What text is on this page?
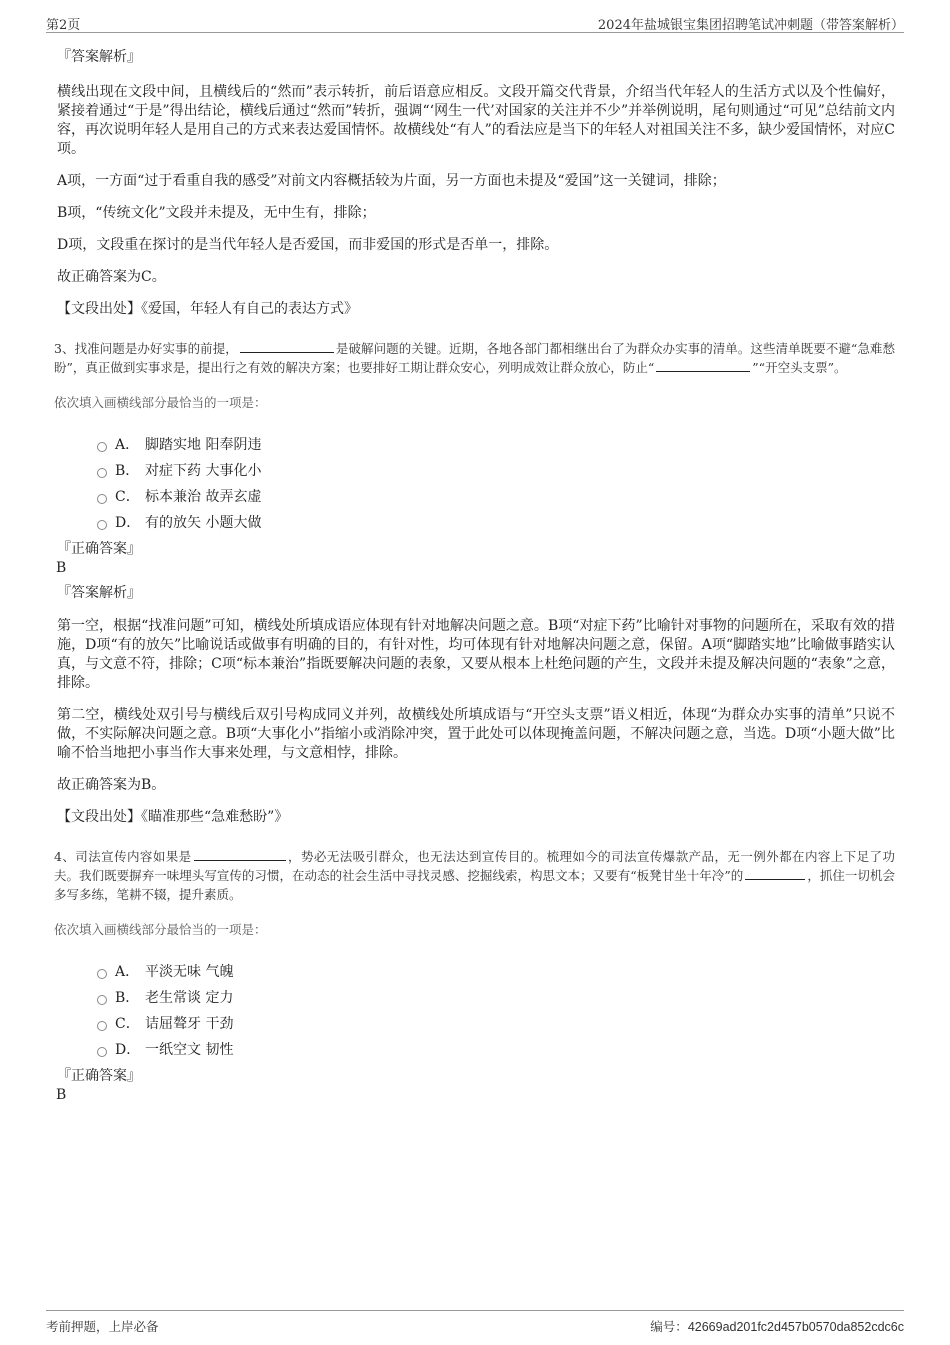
第2页	2024年盐城银宝集团招聘笔试冲刺题（带答案解析）
『答案解析』

横线出现在文段中间，且横线后的“然而”表示转折，前后语意应相反。文段开篇交代背景，介绍当代年轻人的生活方式以及个性偏好，紧接着通过“于是”得出结论，横线后通过“然而”转折，强调“‘网生一代’对国家的关注并不少”并举例说明，尾句则通过“可见”总结前文内容，再次说明年轻人是用自己的方式来表达爱国情怀。故横线处“有人”的看法应是当下的年轻人对祖国关注不多，缺少爱国情怀，对应C项。

A项，一方面“过于看重自我的感受”对前文内容概括较为片面，另一方面也未提及“爱国”这一关键词，排除；

B项，“传统文化”文段并未提及，无中生有，排除；

D项，文段重在探讨的是当代年轻人是否爱国，而非爱国的形式是否单一，排除。

故正确答案为C。

【文段出处】《爱国，年轻人有自己的表达方式》

3、找准问题是办好实事的前提，	是破解问题的关键。近期，各地各部门都相继出台了为群众办实事的清单。这些清单既要不避“急难愁盼”，真正做到实事求是，提出行之有效的解决方案；也要排好工期让群众安心，列明成效让群众放心，防止“	”“开空头支票”。
依次填入画横线部分最恰当的一项是：
A． 脚踏实地 阳奉阴违
B． 对症下药 大事化小
C． 标本兼治 故弄玄虚
D． 有的放矢 小题大做
『正确答案』
B
『答案解析』

第一空，根据“找准问题”可知，横线处所填成语应体现有针对地解决问题之意。B项“对症下药”比喻针对事物的问题所在，采取有效的措施，D项“有的放矢”比喻说话或做事有明确的目的，有针对性，均可体现有针对地解决问题之意，保留。A项“脚踏实地”比喻做事踏实认真，与文意不符，排除；C项“标本兼治”指既要解决问题的表象，又要从根本上杜绝问题的产生，文段并未提及解决问题的“表象”之意，排除。

第二空，横线处双引号与横线后双引号构成同义并列，故横线处所填成语与“开空头支票”语义相近，体现“为群众办实事的清单”只说不做，不实际解决问题之意。B项“大事化小”指缩小或消除冲突，置于此处可以体现掩盖问题，不解决问题之意，当选。D项“小题大做”比喻不恰当地把小事当作大事来处理，与文意相悖，排除。

故正确答案为B。

【文段出处】《瞄准那些“急难愁盼”》

4、司法宣传内容如果是	，势必无法吸引群众，也无法达到宣传目的。梳理如今的司法宣传爆款产品，无一例外都在内容上下足了功夫。我们既要摒弃一味埋头写宣传的习惯，在动态的社会生活中寻找灵感、挖掘线索，构思文本；又要有“板凳甘坐十年冷”的	，抓住一切机会多写多练，笔耕不辍，提升素质。
依次填入画横线部分最恰当的一项是：
A． 平淡无味 气魄
B． 老生常谈 定力
C． 诘屈聱牙 干劲
D． 一纸空文 韧性
『正确答案』
B
考前押题，上岸必备	编号：42669ad201fc2d457b0570da852cdc6c
